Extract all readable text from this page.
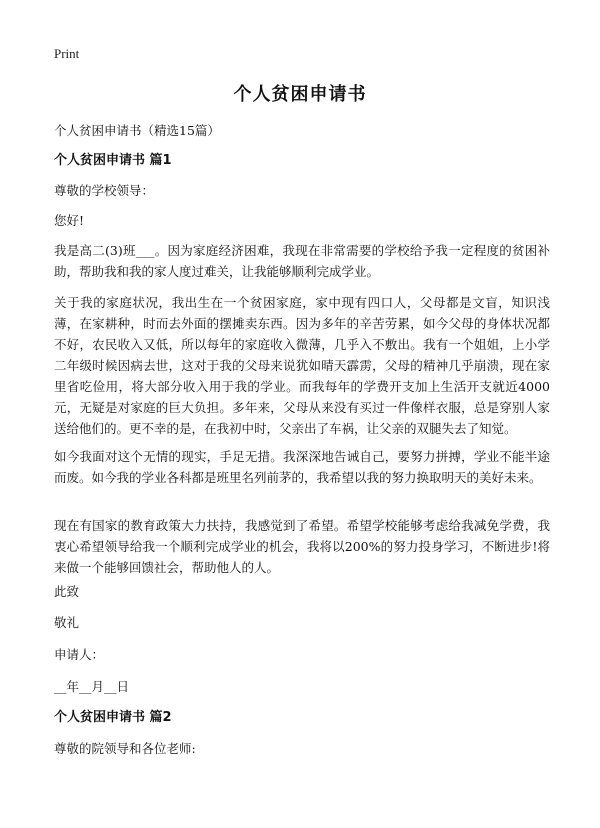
Print
个人贫困申请书
个人贫困申请书（精选15篇）
个人贫困申请书 篇1
尊敬的学校领导：
您好!
我是高二(3)班___。因为家庭经济困难，我现在非常需要的学校给予我一定程度的贫困补助，帮助我和我的家人度过难关，让我能够顺利完成学业。
关于我的家庭状况，我出生在一个贫困家庭，家中现有四口人，父母都是文盲，知识浅薄，在家耕种，时而去外面的摆摊卖东西。因为多年的辛苦劳累，如今父母的身体状况都不好，农民收入又低，所以每年的家庭收入微薄，几乎入不敷出。我有一个姐姐，上小学二年级时候因病去世，这对于我的父母来说犹如晴天霹雳，父母的精神几乎崩溃，现在家里省吃俭用，将大部分收入用于我的学业。而我每年的学费开支加上生活开支就近4000元，无疑是对家庭的巨大负担。多年来，父母从来没有买过一件像样衣服，总是穿别人家送给他们的。更不幸的是，在我初中时，父亲出了车祸，让父亲的双腿失去了知觉。
如今我面对这个无情的现实，手足无措。我深深地告诫自己，要努力拼搏，学业不能半途而废。如今我的学业各科都是班里名列前茅的，我希望以我的努力换取明天的美好未来。
现在有国家的教育政策大力扶持，我感觉到了希望。希望学校能够考虑给我减免学费，我衷心希望领导给我一个顺利完成学业的机会，我将以200%的努力投身学习，不断进步!将来做一个能够回馈社会，帮助他人的人。
此致
敬礼
申请人：
__年__月__日
个人贫困申请书 篇2
尊敬的院领导和各位老师:
